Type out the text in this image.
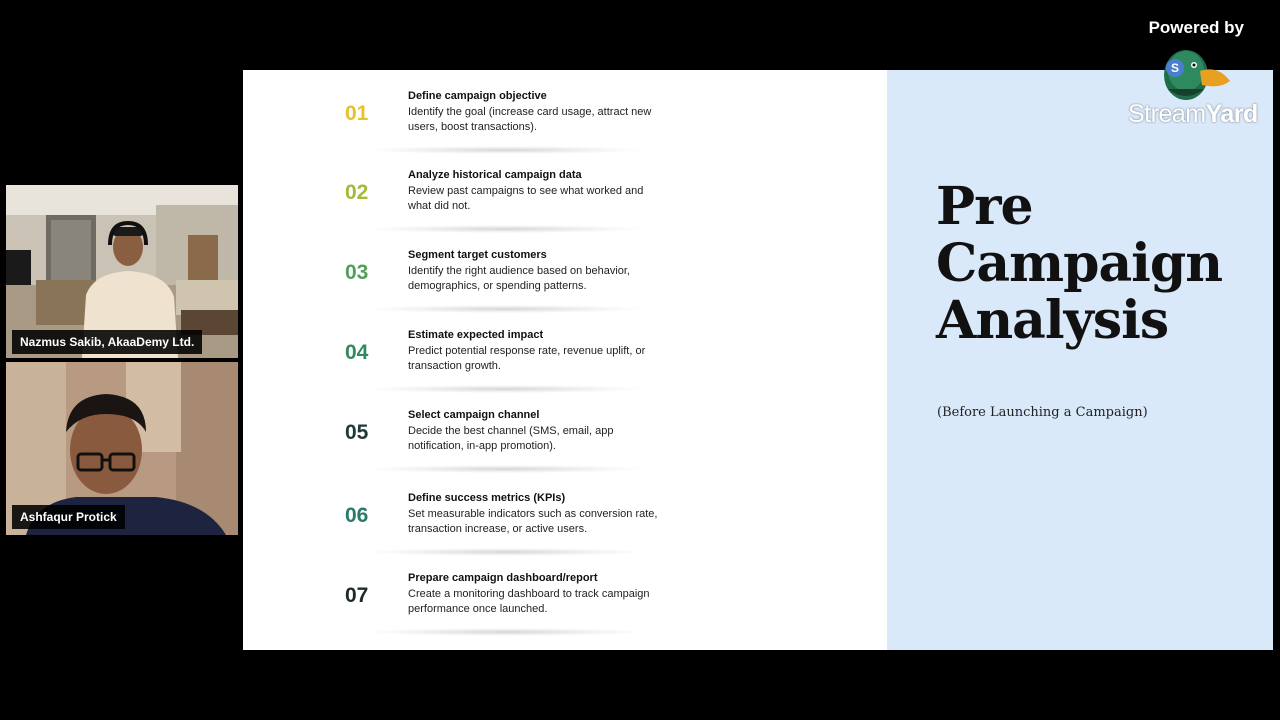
Nazmus Sakib, AkaaDemy Ltd.
Ashfaqur Protick
01
Define campaign objective
Identify the goal (increase card usage, attract new users, boost transactions).
02
Analyze historical campaign data
Review past campaigns to see what worked and what did not.
03
Segment target customers
Identify the right audience based on behavior, demographics, or spending patterns.
04
Estimate expected impact
Predict potential response rate, revenue uplift, or transaction growth.
05
Select campaign channel
Decide the best channel (SMS, email, app notification, in-app promotion).
06
Define success metrics (KPIs)
Set measurable indicators such as conversion rate, transaction increase, or active users.
07
Prepare campaign dashboard/report
Create a monitoring dashboard to track campaign performance once launched.
Pre
Campaign
Analysis
(Before Launching a Campaign)
Powered by
S
StreamYard
